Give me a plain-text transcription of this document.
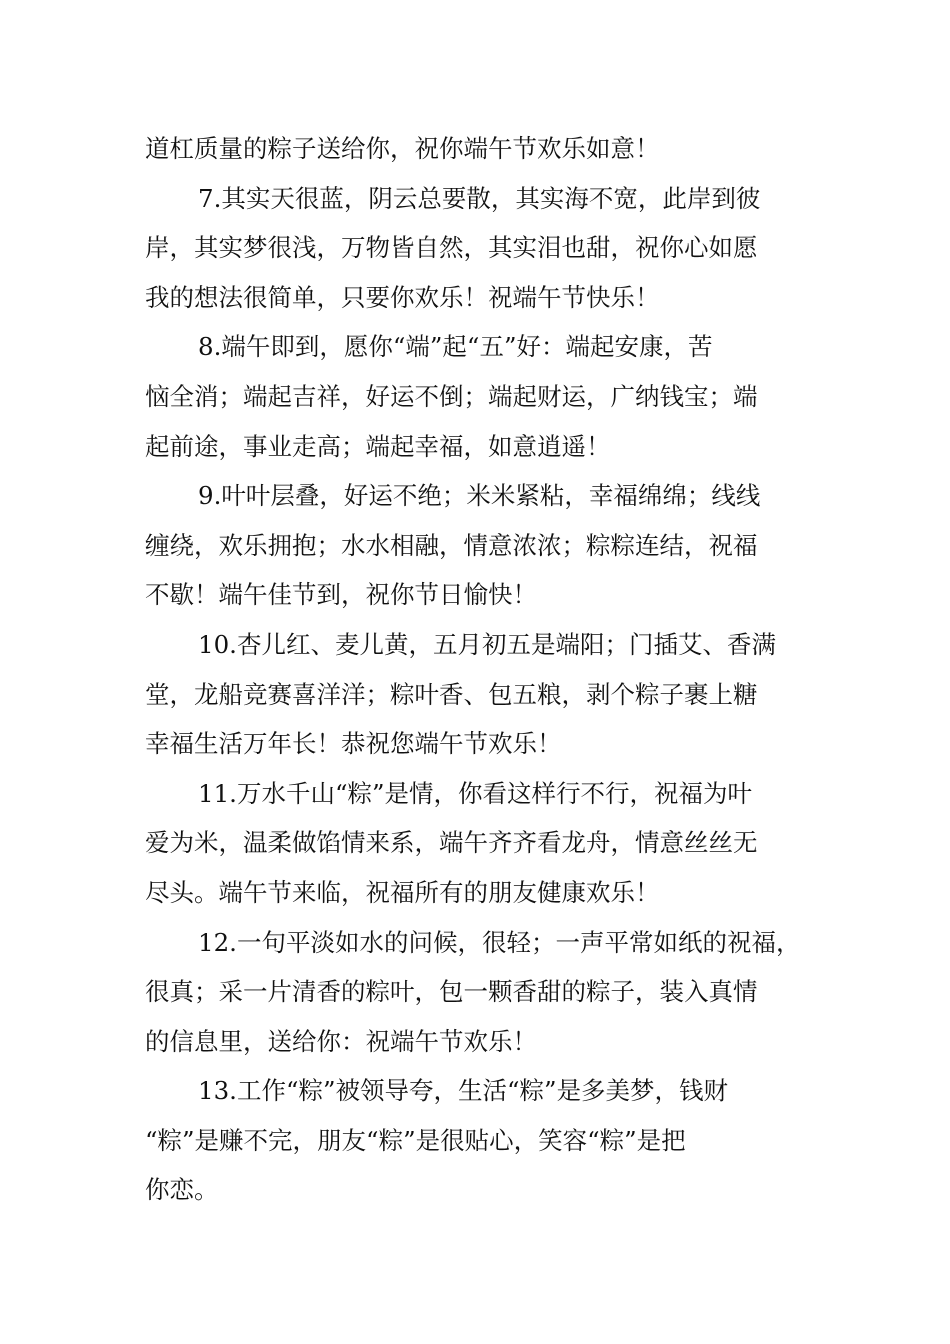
道杠质量的粽子送给你，祝你端午节欢乐如意！

7.其实天很蓝，阴云总要散，其实海不宽，此岸到彼
岸，其实梦很浅，万物皆自然，其实泪也甜，祝你心如愿
我的想法很简单，只要你欢乐！祝端午节快乐！

8.端午即到，愿你“端”起“五”好：端起安康，苦
恼全消；端起吉祥，好运不倒；端起财运，广纳钱宝；端
起前途，事业走高；端起幸福，如意逍遥！

9.叶叶层叠，好运不绝；米米紧粘，幸福绵绵；线线
缠绕，欢乐拥抱；水水相融，情意浓浓；粽粽连结，祝福
不歇！端午佳节到，祝你节日愉快！

10.杏儿红、麦儿黄，五月初五是端阳；门插艾、香满
堂，龙船竞赛喜洋洋；粽叶香、包五粮，剥个粽子裹上糖
幸福生活万年长！恭祝您端午节欢乐！

11.万水千山“粽”是情，你看这样行不行，祝福为叶
爱为米，温柔做馅情来系，端午齐齐看龙舟，情意丝丝无
尽头。端午节来临，祝福所有的朋友健康欢乐！

12.一句平淡如水的问候，很轻；一声平常如纸的祝福，
很真；采一片清香的粽叶，包一颗香甜的粽子，装入真情
的信息里，送给你：祝端午节欢乐！

13.工作“粽”被领导夸，生活“粽”是多美梦，钱财
“粽”是赚不完，朋友“粽”是很贴心，笑容“粽”是把
你恋。
